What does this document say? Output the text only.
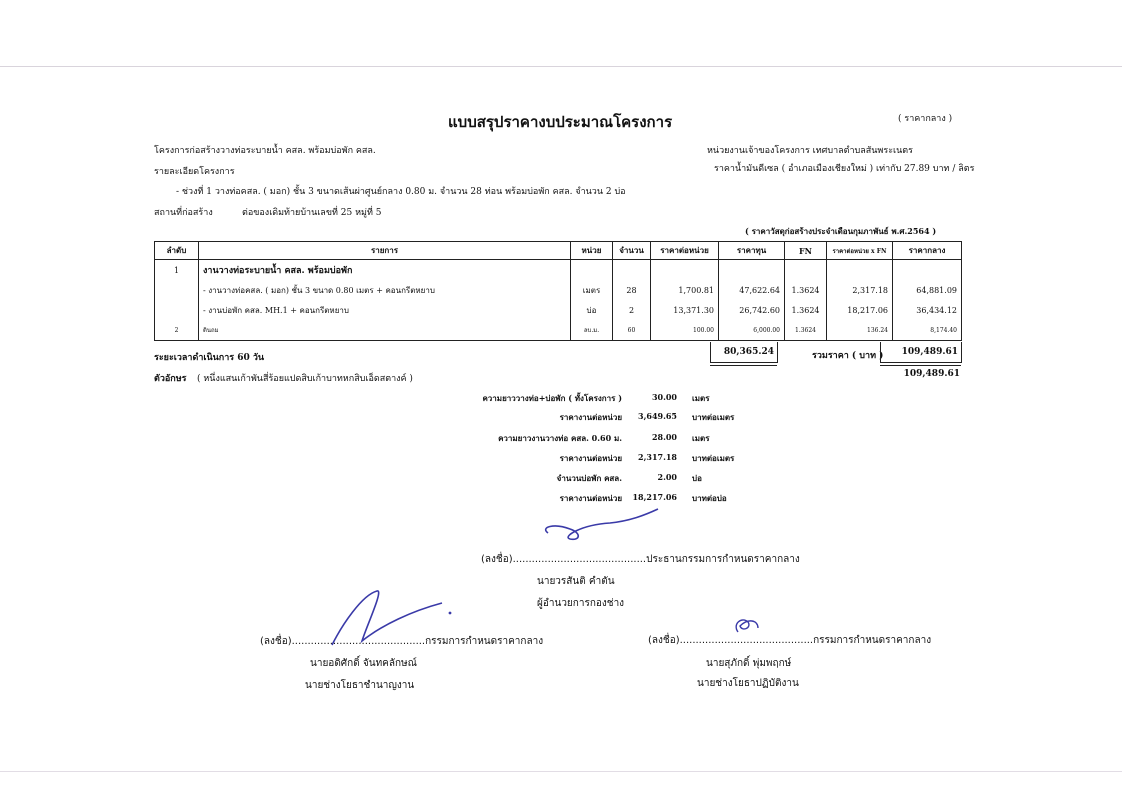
แบบสรุปราคางบประมาณโครงการ	( ราคากลาง )
โครงการก่อสร้างวางท่อระบายน้ำ คสล. พร้อมบ่อพัก คสล.	หน่วยงานเจ้าของโครงการ เทศบาลตำบลสันพระเนตร
รายละเอียดโครงการ	ราคาน้ำมันดีเซล ( อำเภอเมืองเชียงใหม่ ) เท่ากับ 27.89 บาท / ลิตร
- ช่วงที่ 1 วางท่อคสล. ( มอก) ชั้น 3 ขนาดเส้นผ่าศูนย์กลาง 0.80 ม. จำนวน 28 ท่อน พร้อมบ่อพัก คสล. จำนวน 2 บ่อ
สถานที่ก่อสร้าง	ต่อของเดิมท้ายบ้านเลขที่ 25 หมู่ที่ 5
( ราคาวัสดุก่อสร้างประจำเดือนกุมภาพันธ์ พ.ศ.2564 )
ลำดับ	รายการ	หน่วย	จำนวน	ราคาต่อหน่วย	ราคาทุน	FN	ราคาต่อหน่วย x FN	ราคากลาง
1	งานวางท่อระบายน้ำ คสล. พร้อมบ่อพัก							
	- งานวางท่อคสล. ( มอก) ชั้น 3 ขนาด 0.80 เมตร + คอนกรีตหยาบ	เมตร	28	1,700.81	47,622.64	1.3624	2,317.18	64,881.09
	- งานบ่อพัก คสล. MH.1 + คอนกรีตหยาบ	บ่อ	2	13,371.30	26,742.60	1.3624	18,217.06	36,434.12
2	ดินถม	ลบ.ม.	60	100.00	6,000.00	1.3624	136.24	8,174.40
ระยะเวลาดำเนินการ 60 วัน
80,365.24	รวมราคา ( บาท )	109,489.61
ตัวอักษร ( หนึ่งแสนเก้าพันสี่ร้อยแปดสิบเก้าบาทหกสิบเอ็ดสตางค์ )	109,489.61
ความยาววางท่อ+บ่อพัก ( ทั้งโครงการ )	30.00 เมตร
ราคางานต่อหน่วย	3,649.65 บาทต่อเมตร
ความยาวงานวางท่อ คสล. 0.60 ม.	28.00 เมตร
ราคางานต่อหน่วย	2,317.18 บาทต่อเมตร
จำนวนบ่อพัก คสล.	2.00 บ่อ
ราคางานต่อหน่วย 18,217.06 บาทต่อบ่อ
(ลงชื่อ)..........................................ประธานกรรมการกำหนดราคากลาง
นายวรสันติ คำตัน
ผู้อำนวยการกองช่าง
(ลงชื่อ)..........................................กรรมการกำหนดราคากลาง
นายอดิศักดิ์ จันทคลักษณ์
นายช่างโยธาชำนาญงาน
(ลงชื่อ)..........................................กรรมการกำหนดราคากลาง
นายสุภักดิ์ พุ่มพฤกษ์
นายช่างโยธาปฏิบัติงาน
